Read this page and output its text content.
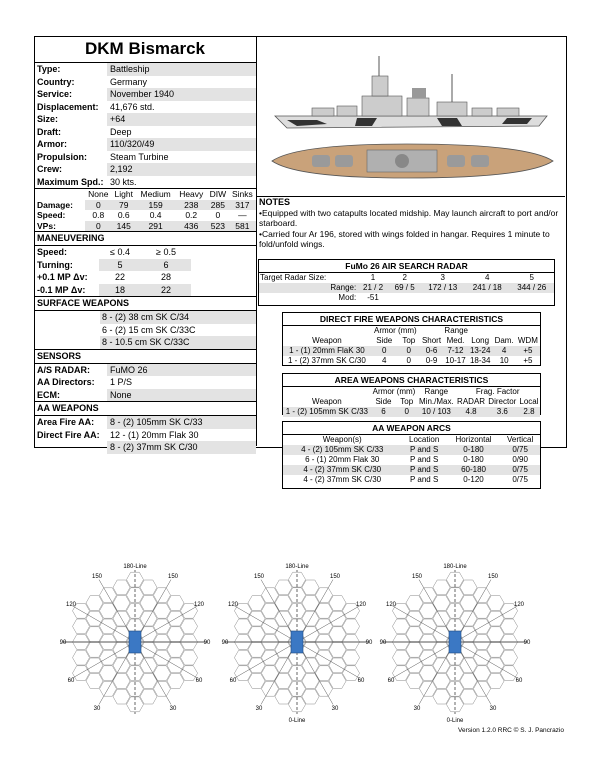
DKM Bismarck
Type:	Battleship
Country:	Germany
Service:	November 1940
Displacement:	41,676 std.
Size:	+64
Draft:	Deep
Armor:	110/320/49
Propulsion:	Steam Turbine
Crew:	2,192
Maximum Spd.: 30 kts.
	None	Light	Medium	Heavy	DIW	Sinks
Damage:	0	79	159	238	285	317
Speed:	0.8	0.6	0.4	0.2	0	—
VPs:	0	145	291	436	523	581
MANEUVERING
Speed:	≤ 0.4	≥ 0.5
Turning:	5	6
+0.1 MP Δv:	22	28
-0.1 MP Δv:	18	22
SURFACE WEAPONS
8 - (2) 38 cm SK C/34
6 - (2) 15 cm SK C/33C
8 - 10.5 cm SK C/33C
SENSORS
A/S RADAR:	FuMO 26
AA Directors:	1 P/S
ECM:	None
AA WEAPONS
Area Fire AA:	8 - (2) 105mm SK C/33
Direct Fire AA:	12 - (1) 20mm Flak 30
8 - (2) 37mm SK C/30
NOTES
•Equipped with two catapults located midship. May launch aircraft to port and/or starboard.
•Carried four Ar 196, stored with wings folded in hangar. Requires 1 minute to fold/unfold wings.
FuMo 26 AIR SEARCH RADAR
Target Radar Size:	1	2	3	4	5
Range:	21 / 2	69 / 5	172 / 13	241 / 18	344 / 26
Mod:	-51				
DIRECT FIRE WEAPONS CHARACTERISTICS
	Armor (mm)		Range				
Weapon	Side	Top	Short	Med.	Long	Dam.	WDM
1 - (1) 20mm FlaK 30	0	0	0-6	7-12	13-24	4	+5
1 - (2) 37mm SK C/30	4	0	0-9	10-17	18-34	10	+5
AREA WEAPONS CHARACTERISTICS
	Armor (mm)		Range	Frag. Factor		
Weapon	Side	Top	Min./Max.	RADAR	Director	Local
1 - (2) 105mm SK C/33	6	0	10 / 103	4.8	3.6	2.8
AA WEAPON ARCS
Weapon(s)	Location	Horizontal	Vertical
4 - (2) 105mm SK C/33	P and S	0-180	0/75
6 - (1) 20mm Flak 30	P and S	0-180	0/90
4 - (2) 37mm SK C/30	P and S	60-180	0/75
4 - (2) 37mm SK C/30	P and S	0-120	0/75
180-Line
150	150
120	120
90	90
60	60
30	30
180-Line
0-Line
150	150
120	120
90	90
60	60
30	30
180-Line
0-Line
150	150
120	120
90	90
60	60
30	30
Version 1.2.0 RRC © S. J. Pancrazio
